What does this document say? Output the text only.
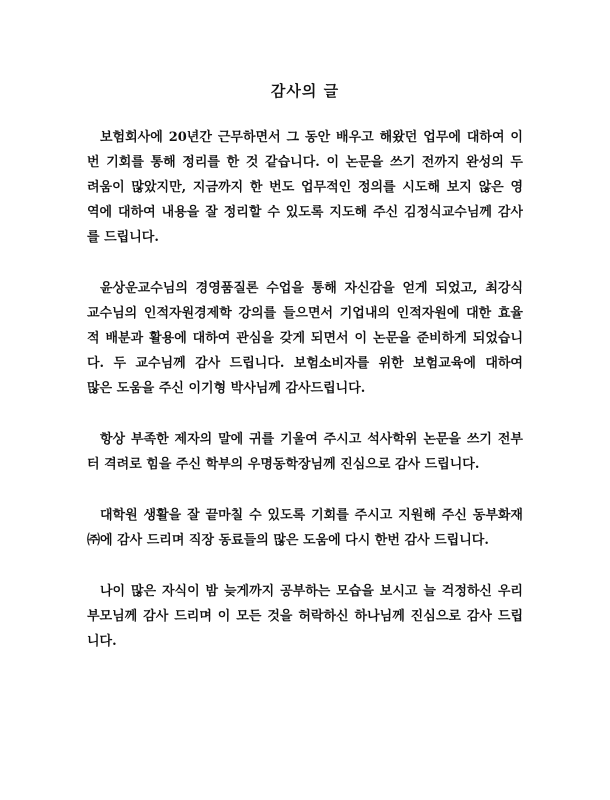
감사의 글
보험회사에 20년간 근무하면서 그 동안 배우고 해왔던 업무에 대하여 이
번 기회를 통해 정리를 한 것 같습니다. 이 논문을 쓰기 전까지 완성의 두
려움이 많았지만, 지금까지 한 번도 업무적인 정의를 시도해 보지 않은 영
역에 대하여 내용을 잘 정리할 수 있도록 지도해 주신 김정식교수님께 감사
를 드립니다.
윤상운교수님의 경영품질론 수업을 통해 자신감을 얻게 되었고, 최강식
교수님의 인적자원경제학 강의를 들으면서 기업내의 인적자원에 대한 효율
적 배분과 활용에 대하여 관심을 갖게 되면서 이 논문을 준비하게 되었습니
다. 두 교수님께 감사 드립니다. 보험소비자를 위한 보험교육에 대하여
많은 도움을 주신 이기형 박사님께 감사드립니다.
항상 부족한 제자의 말에 귀를 기울여 주시고 석사학위 논문을 쓰기 전부
터 격려로 힘을 주신 학부의 우명동학장님께 진심으로 감사 드립니다.
대학원 생활을 잘 끝마칠 수 있도록 기회를 주시고 지원해 주신 동부화재
㈜에 감사 드리며 직장 동료들의 많은 도움에 다시 한번 감사 드립니다.
나이 많은 자식이 밤 늦게까지 공부하는 모습을 보시고 늘 걱정하신 우리
부모님께 감사 드리며 이 모든 것을 허락하신 하나님께 진심으로 감사 드립
니다.
